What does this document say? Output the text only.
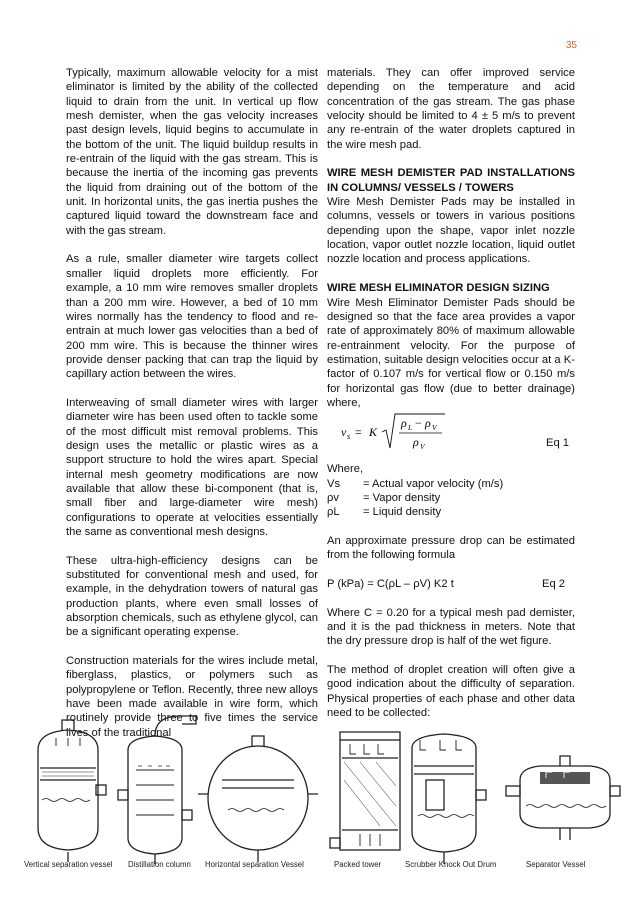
35

Typically, maximum allowable velocity for a mist eliminator is limited by the ability of the collected liquid to drain from the unit. In vertical up flow mesh demister, when the gas velocity increases past design levels, liquid begins to accumulate in the bottom of the unit. The liquid buildup results in re-entrain of the liquid with the gas stream. This is because the inertia of the incoming gas prevents the liquid from draining out of the bottom of the unit. In horizontal units, the gas inertia pushes the captured liquid toward the downstream face and with the gas stream.

As a rule, smaller diameter wire targets collect smaller liquid droplets more efficiently. For example, a 10 mm wire removes smaller droplets than a 200 mm wire. However, a bed of 10 mm wires normally has the tendency to flood and re-entrain at much lower gas velocities than a bed of 200 mm wire. This is because the thinner wires provide denser packing that can trap the liquid by capillary action between the wires.

Interweaving of small diameter wires with larger diameter wire has been used often to tackle some of the most difficult mist removal problems. This design uses the metallic or plastic wires as a support structure to hold the wires apart. Special internal mesh geometry modifications are now available that allow these bi-component (that is, small fiber and large-diameter wire mesh) configurations to operate at velocities essentially the same as conventional mesh designs.

These ultra-high-efficiency designs can be substituted for conventional mesh and used, for example, in the dehydration towers of natural gas production plants, where even small losses of absorption chemicals, such as ethylene glycol, can be a significant operating expense.

Construction materials for the wires include metal, fiberglass, plastics, or polymers such as polypropylene or Teflon. Recently, three new alloys have been made available in wire form, which routinely provide three to five times the service lives of the traditional

materials. They can offer improved service depending on the temperature and acid concentration of the gas stream. The gas phase velocity should be limited to 4 ± 5 m/s to prevent any re-entrain of the water droplets captured in the wire mesh pad.

WIRE MESH DEMISTER PAD INSTALLATIONS IN COLUMNS/ VESSELS / TOWERS

Wire Mesh Demister Pads may be installed in columns, vessels or towers in various positions depending upon the shape, vapor inlet nozzle location, vapor outlet nozzle location, liquid outlet nozzle location and process applications.

WIRE MESH ELIMINATOR DESIGN SIZING

Wire Mesh Eliminator Demister Pads should be designed so that the face area provides a vapor rate of approximately 80% of maximum allowable re-entrainment velocity. For the purpose of estimation, suitable design velocities occur at a K-factor of 0.107 m/s for vertical flow or 0.150 m/s for horizontal gas flow (due to better drainage) where,

v s = K
ρ L − ρ V
ρ V	Eq 1
Where,
Vs	= Actual vapor velocity (m/s)
ρv	= Vapor density
ρL	= Liquid density

An approximate pressure drop can be estimated from the following formula

P (kPa) = C(ρL – ρV) K2 t	Eq 2

Where C = 0.20 for a typical mesh pad demister, and it is the pad thickness in meters. Note that the dry pressure drop is half of the wet figure.

The method of droplet creation will often give a good indication about the difficulty of separation. Physical properties of each phase and other data need to be collected:

Vertical separation vessel Distillation column Horizontal separation Vessel	Packed tower	Scrubber Knock Out Drum	Separator Vessel
